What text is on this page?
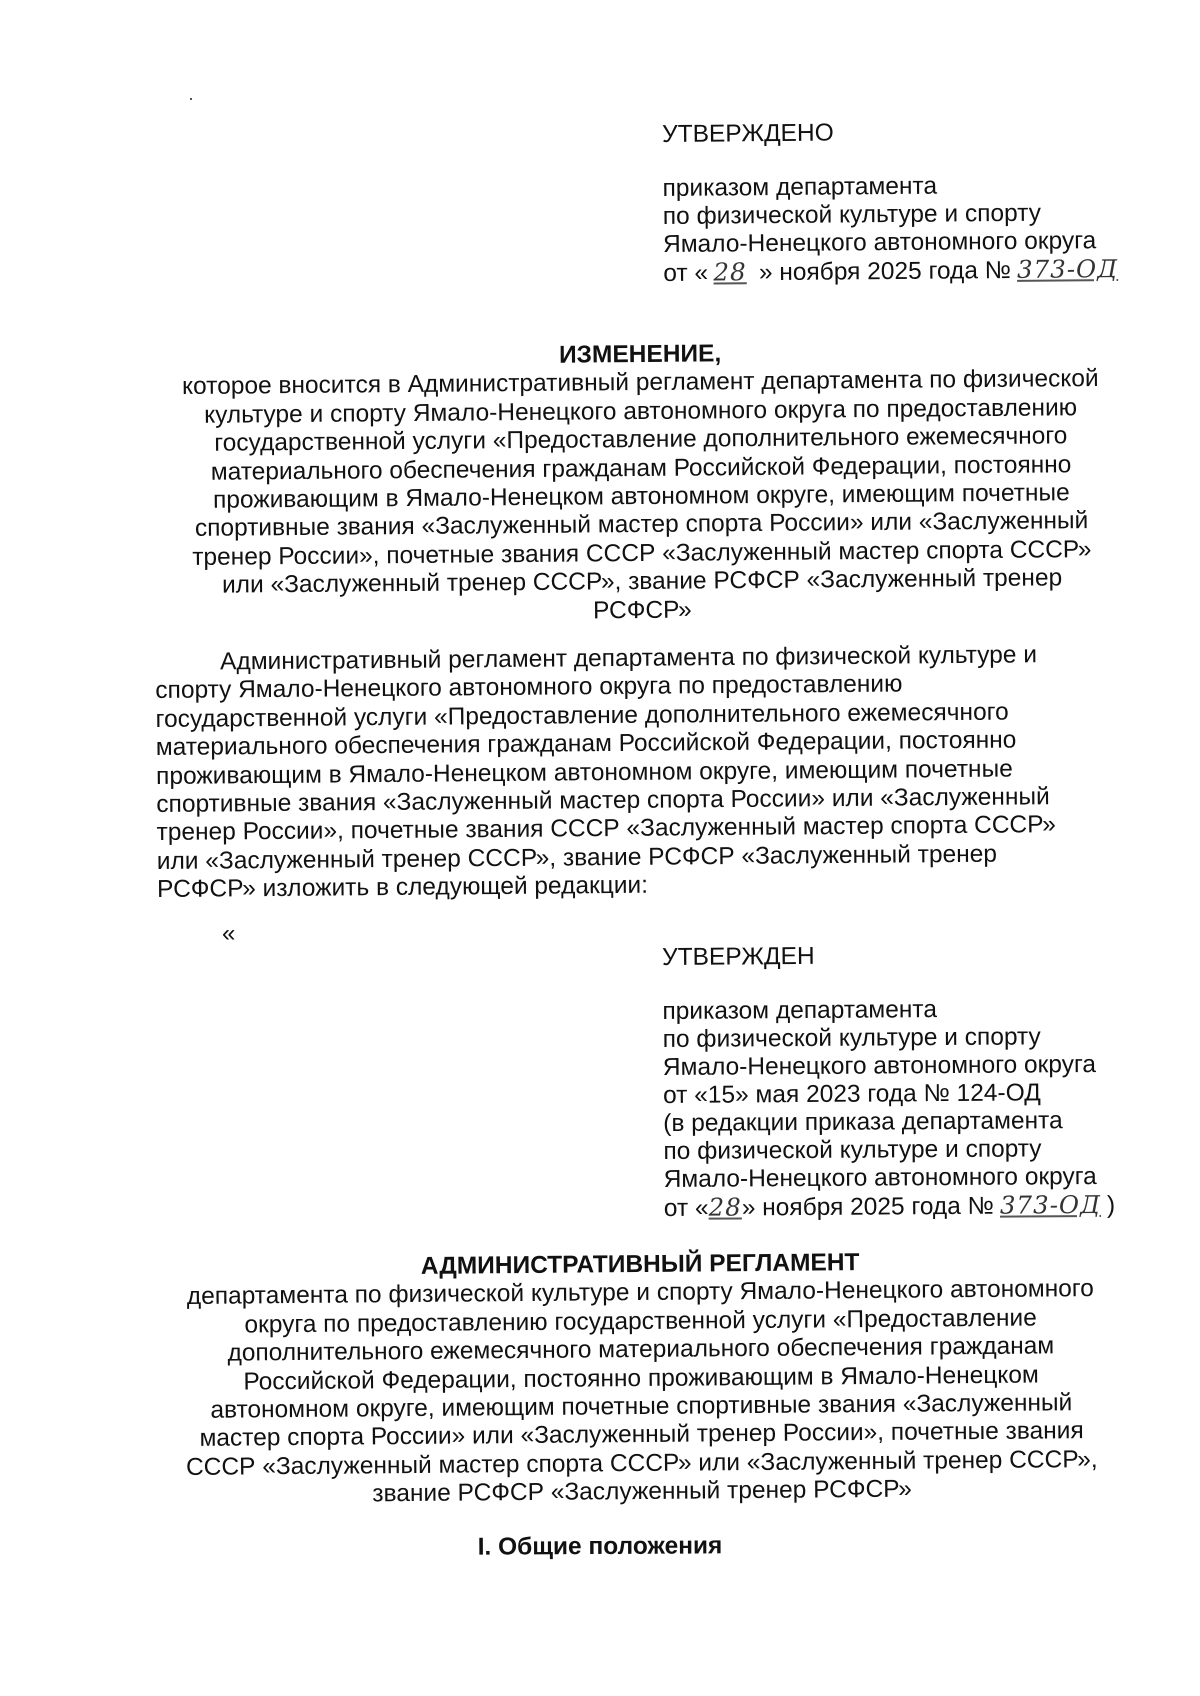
УТВЕРЖДЕНО
приказом департамента
по физической культуре и спорту
Ямало-Ненецкого автономного округа
от « 28 » ноября 2025 года № 373-ОД
ИЗМЕНЕНИЕ,
которое вносится в Административный регламент департамента по физической
культуре и спорту Ямало-Ненецкого автономного округа по предоставлению
государственной услуги «Предоставление дополнительного ежемесячного
материального обеспечения гражданам Российской Федерации, постоянно
проживающим в Ямало-Ненецком автономном округе, имеющим почетные
спортивные звания «Заслуженный мастер спорта России» или «Заслуженный
тренер России», почетные звания СССР «Заслуженный мастер спорта СССР»
или «Заслуженный тренер СССР», звание РСФСР «Заслуженный тренер
РСФСР»
Административный регламент департамента по физической культуре и
спорту Ямало-Ненецкого автономного округа по предоставлению
государственной услуги «Предоставление дополнительного ежемесячного
материального обеспечения гражданам Российской Федерации, постоянно
проживающим в Ямало-Ненецком автономном округе, имеющим почетные
спортивные звания «Заслуженный мастер спорта России» или «Заслуженный
тренер России», почетные звания СССР «Заслуженный мастер спорта СССР»
или «Заслуженный тренер СССР», звание РСФСР «Заслуженный тренер
РСФСР» изложить в следующей редакции:
«
УТВЕРЖДЕН
приказом департамента
по физической культуре и спорту
Ямало-Ненецкого автономного округа
от «15» мая 2023 года № 124-ОД
(в редакции приказа департамента
по физической культуре и спорту
Ямало-Ненецкого автономного округа
от «28» ноября 2025 года № 373-ОД )
АДМИНИСТРАТИВНЫЙ РЕГЛАМЕНТ
департамента по физической культуре и спорту Ямало-Ненецкого автономного
округа по предоставлению государственной услуги «Предоставление
дополнительного ежемесячного материального обеспечения гражданам
Российской Федерации, постоянно проживающим в Ямало-Ненецком
автономном округе, имеющим почетные спортивные звания «Заслуженный
мастер спорта России» или «Заслуженный тренер России», почетные звания
СССР «Заслуженный мастер спорта СССР» или «Заслуженный тренер СССР»,
звание РСФСР «Заслуженный тренер РСФСР»
I. Общие положения
